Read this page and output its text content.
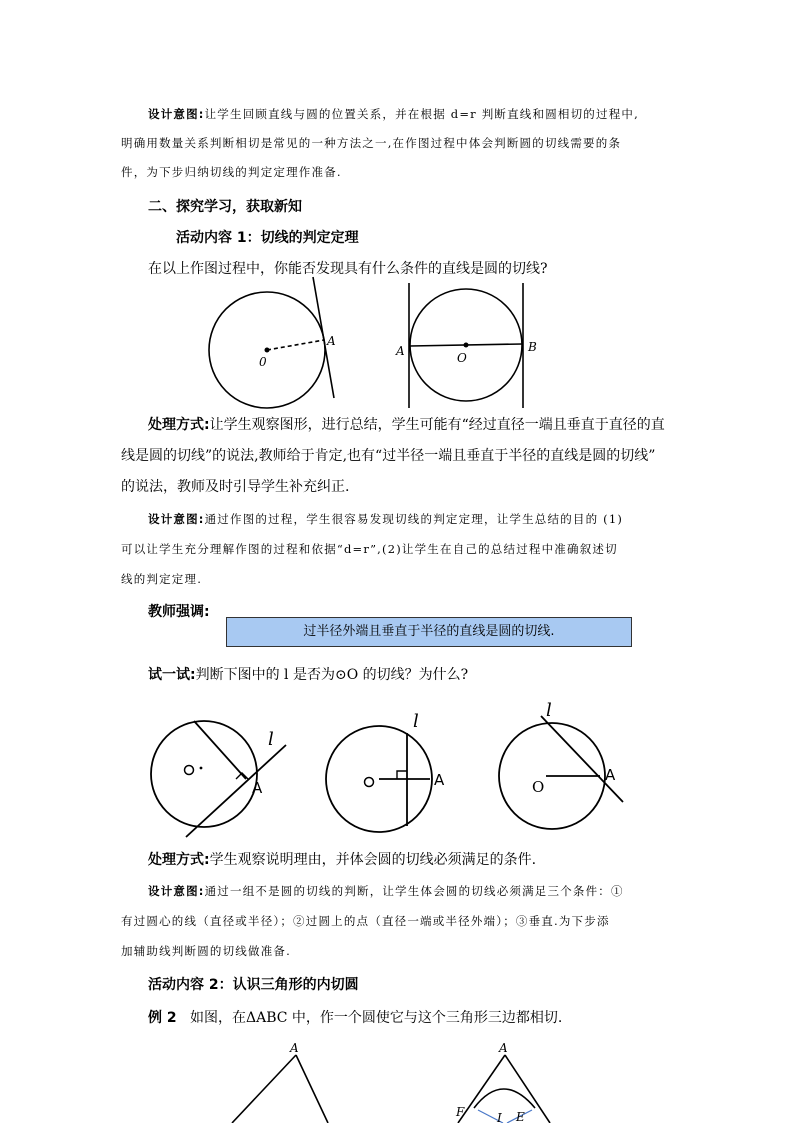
设计意图:让学生回顾直线与圆的位置关系，并在根据 d=r 判断直线和圆相切的过程中,
明确用数量关系判断相切是常见的一种方法之一,在作图过程中体会判断圆的切线需要的条
件，为下步归纳切线的判定定理作准备.
二、探究学习，获取新知
活动内容 1：切线的判定定理
在以上作图过程中，你能否发现具有什么条件的直线是圆的切线?
处理方式:让学生观察图形，进行总结，学生可能有“经过直径一端且垂直于直径的直
线是圆的切线”的说法,教师给于肯定,也有“过半径一端且垂直于半径的直线是圆的切线”
的说法，教师及时引导学生补充纠正.
设计意图:通过作图的过程，学生很容易发现切线的判定定理，让学生总结的目的 (1)
可以让学生充分理解作图的过程和依据“d=r”,(2)让学生在自己的总结过程中准确叙述切
线的判定定理.
教师强调:
过半径外端且垂直于半径的直线是圆的切线.
试一试:判断下图中的 l 是否为⊙O 的切线？为什么?
处理方式:学生观察说明理由，并体会圆的切线必须满足的条件.
设计意图:通过一组不是圆的切线的判断，让学生体会圆的切线必须满足三个条件：①
有过圆心的线（直径或半径）；②过圆上的点（直径一端或半径外端）；③垂直.为下步添
加辅助线判断圆的切线做准备.
活动内容 2：认识三角形的内切圆
例 2 如图，在ΔABC 中，作一个圆使它与这个三角形三边都相切.
0
A
A	O
B
A
l
A
l
O
A
l
A	A
F	I E
